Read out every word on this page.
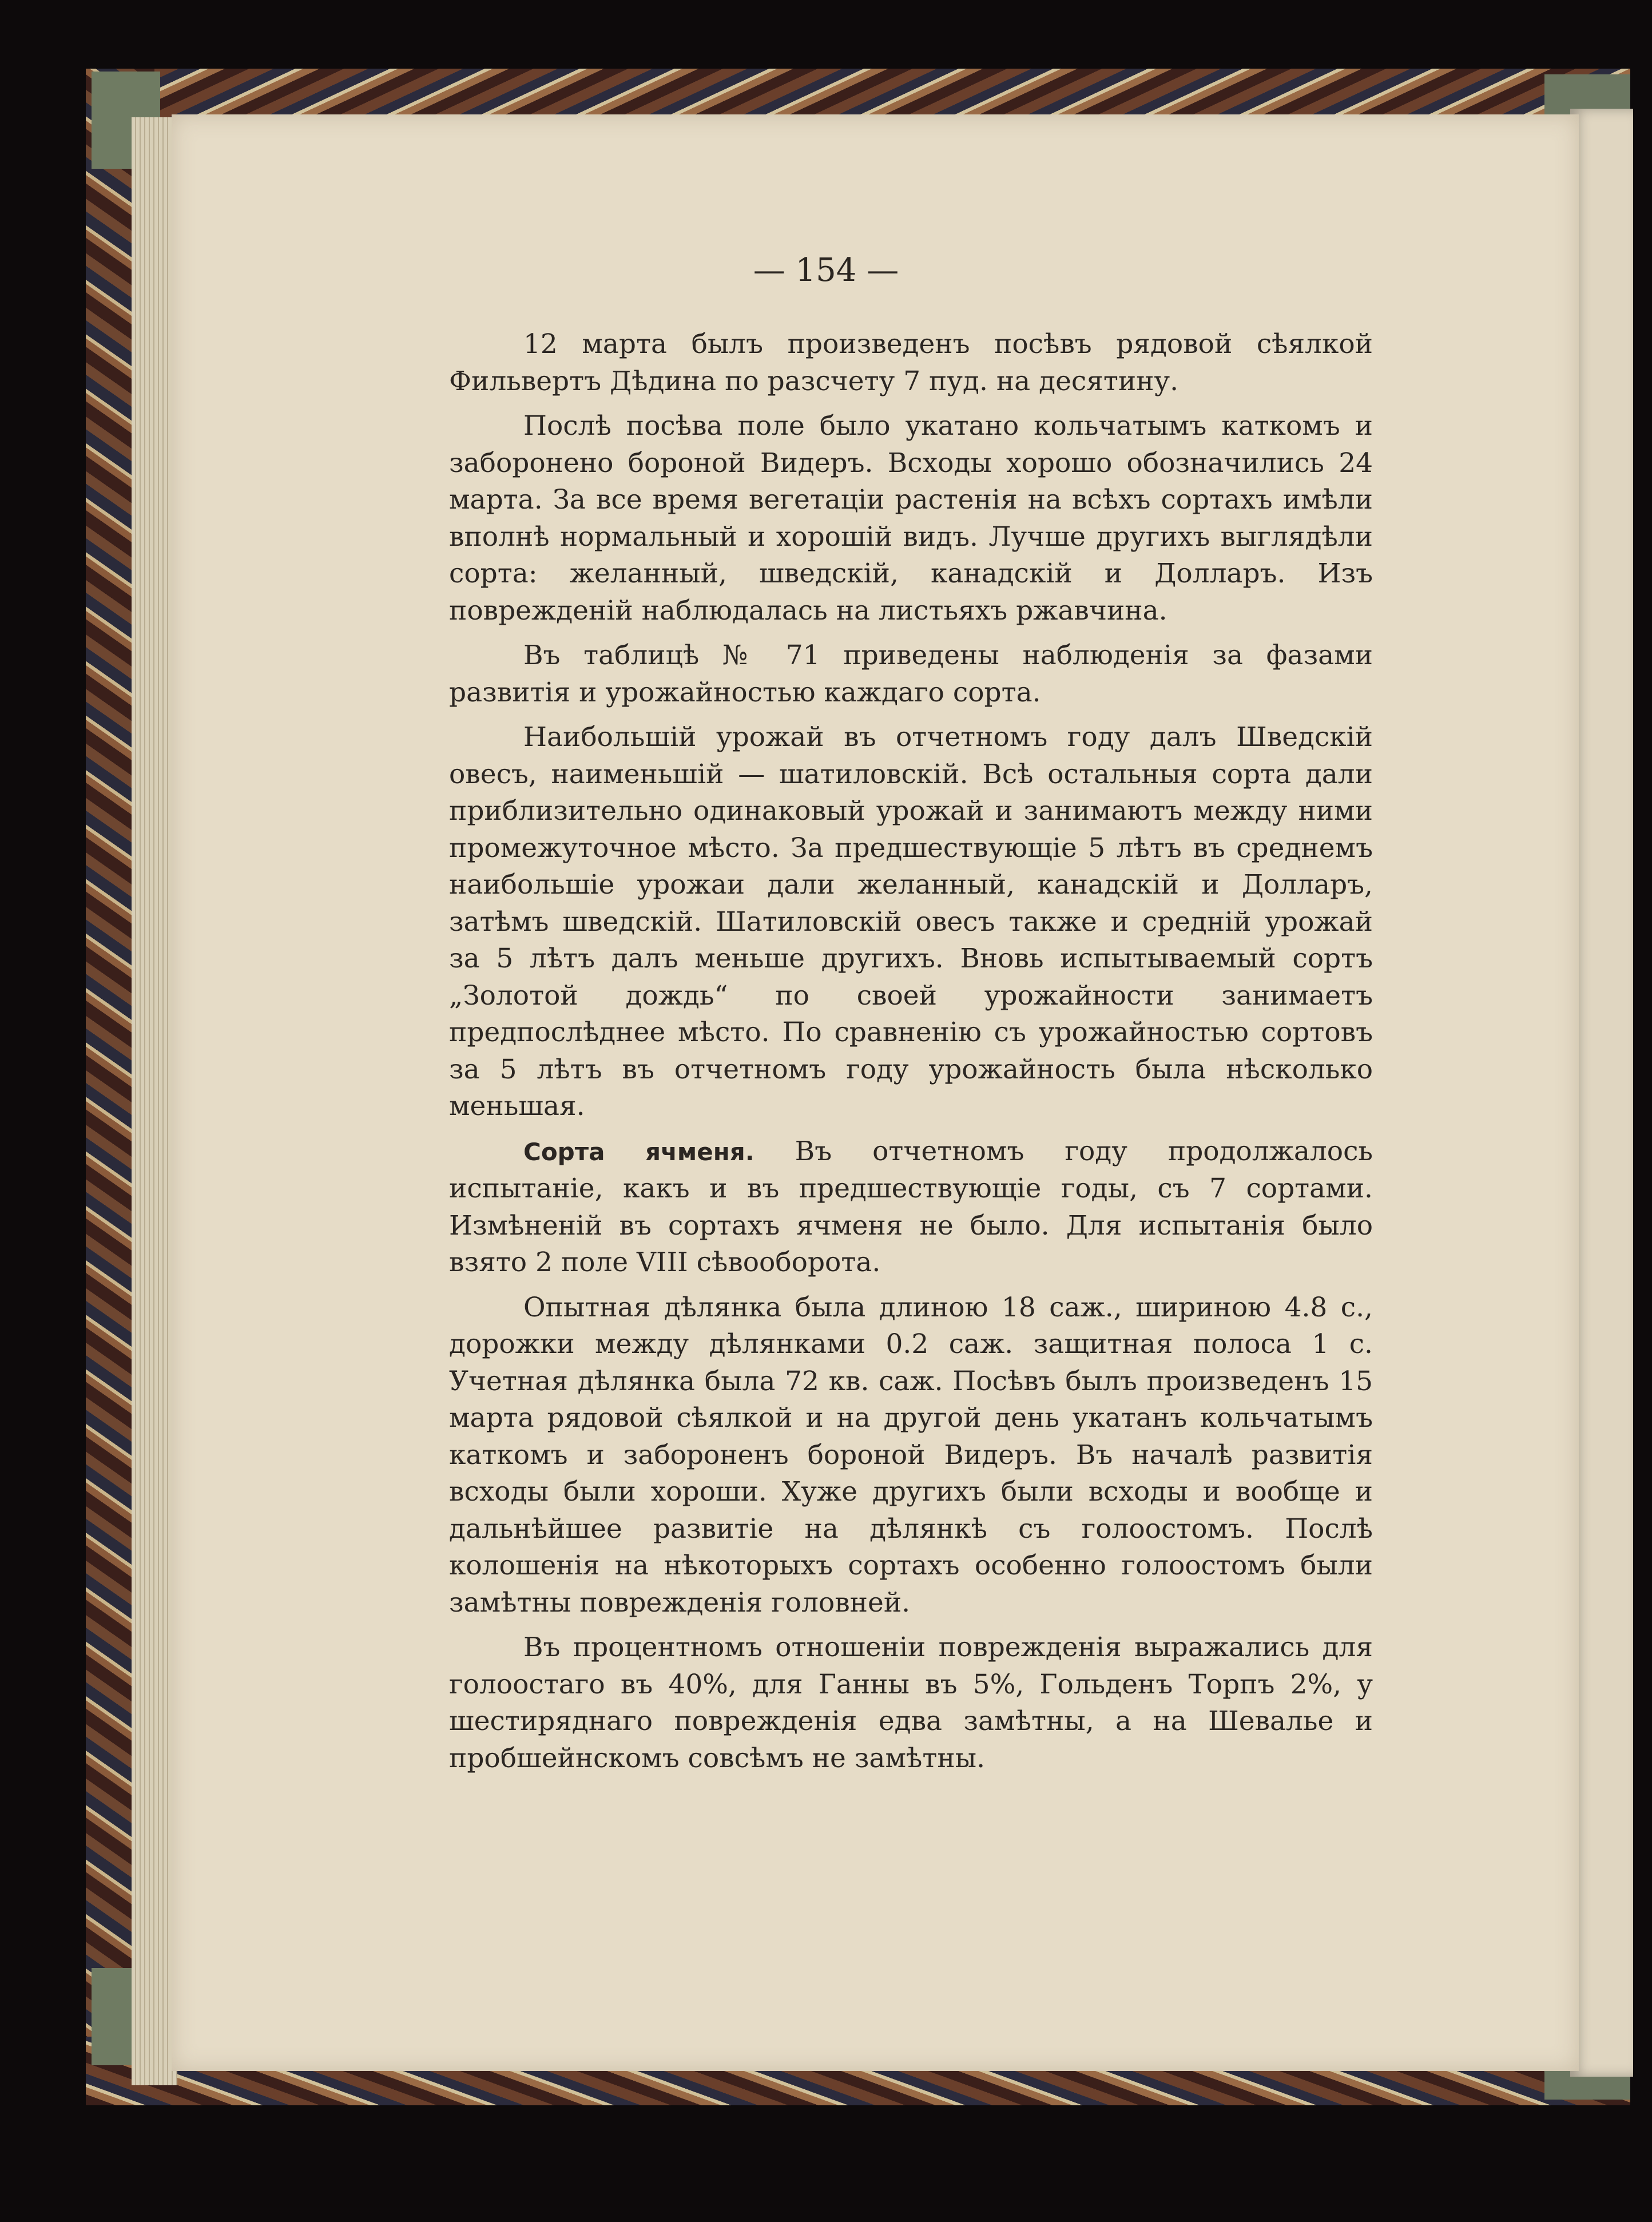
— 154 —

12 марта былъ произведенъ посѣвъ рядовой сѣялкой Фильвертъ Дѣдина по разсчету 7 пуд. на десятину.

Послѣ посѣва поле было укатано кольчатымъ каткомъ и заборонено бороной Видеръ. Всходы хорошо обозначились 24 марта. За все время вегетаціи растенія на всѣхъ сортахъ имѣли вполнѣ нормальный и хорошій видъ. Лучше другихъ выглядѣли сорта: желанный, шведскій, канадскій и Долларъ. Изъ поврежденій наблюдалась на листьяхъ ржавчина.

Въ таблицѣ № 71 приведены наблюденія за фазами развитія и урожайностью каждаго сорта.

Наибольшій урожай въ отчетномъ году далъ Шведскій овесъ, наименьшій — шатиловскій. Всѣ остальныя сорта дали приблизительно одинаковый урожай и занимаютъ между ними промежуточное мѣсто. За предшествующіе 5 лѣтъ въ среднемъ наибольшіе урожаи дали желанный, канадскій и Долларъ, затѣмъ шведскій. Шатиловскій овесъ также и средній урожай за 5 лѣтъ далъ меньше другихъ. Вновь испытываемый сортъ „Золотой дождь“ по своей урожайности занимаетъ предпослѣднее мѣсто. По сравненію съ урожайностью сортовъ за 5 лѣтъ въ отчетномъ году урожайность была нѣсколько меньшая.

Сорта ячменя. Въ отчетномъ году продолжалось испытаніе, какъ и въ предшествующіе годы, съ 7 сортами. Измѣненій въ сортахъ ячменя не было. Для испытанія было взято 2 поле VIII сѣвооборота.

Опытная дѣлянка была длиною 18 саж., шириною 4.8 с., дорожки между дѣлянками 0.2 саж. защитная полоса 1 с. Учетная дѣлянка была 72 кв. саж. Посѣвъ былъ произведенъ 15 марта рядовой сѣялкой и на другой день укатанъ кольчатымъ каткомъ и забороненъ бороной Видеръ. Въ началѣ развитія всходы были хороши. Хуже другихъ были всходы и вообще и дальнѣйшее развитіе на дѣлянкѣ съ голоостомъ. Послѣ колошенія на нѣкоторыхъ сортахъ особенно голоостомъ были замѣтны поврежденія головней.

Въ процентномъ отношеніи поврежденія выражались для голоостаго въ 40%, для Ганны въ 5%, Гольденъ Торпъ 2%, у шестиряднаго поврежденія едва замѣтны, а на Шевалье и пробшейнскомъ совсѣмъ не замѣтны.
